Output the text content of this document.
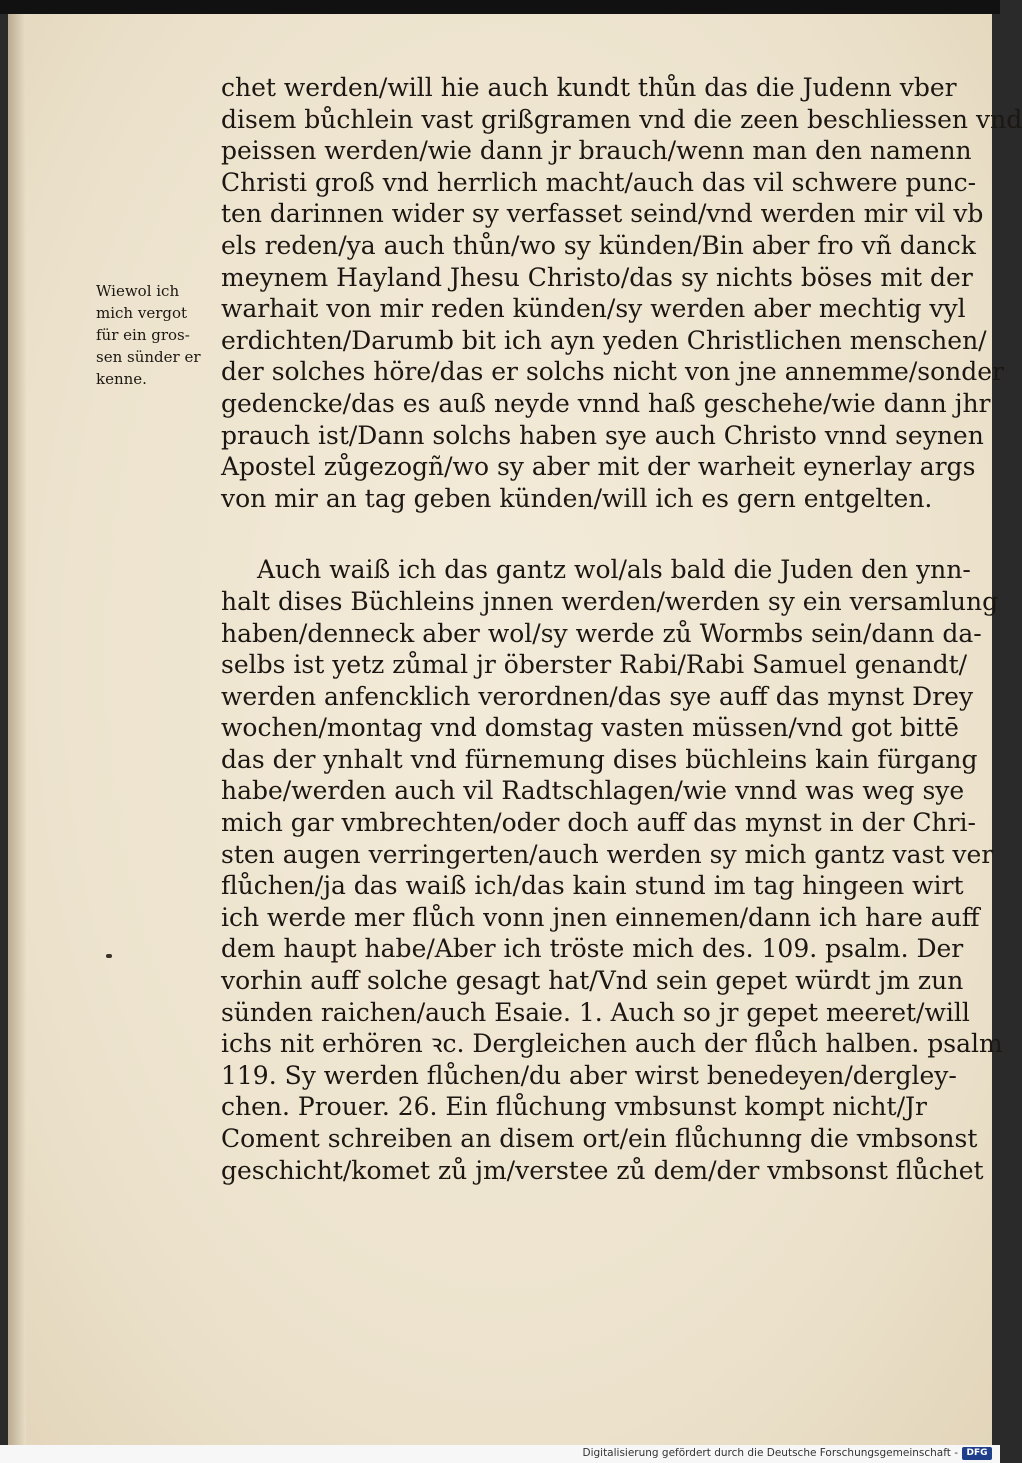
Wiewol ich
mich vergot
für ein gros-
sen sünder er
kenne.
chet werden/will hie auch kundt thůn das die Judenn vber
disem bůchlein vast grißgramen vnd die zeen beschliessen vnd
peissen werden/wie dann jr brauch/wenn man den namenn
Christi groß vnd herrlich macht/auch das vil schwere punc-
ten darinnen wider sy verfasset seind/vnd werden mir vil vb
els reden/ya auch thůn/wo sy künden/Bin aber fro vñ danck
meynem Hayland Jhesu Christo/das sy nichts böses mit der
warhait von mir reden künden/sy werden aber mechtig vyl
erdichten/Darumb bit ich ayn yeden Christlichen menschen/
der solches höre/das er solchs nicht von jne annemme/sonder
gedencke/das es auß neyde vnnd haß geschehe/wie dann jhr
prauch ist/Dann solchs haben sye auch Christo vnnd seynen
Apostel zůgezogñ/wo sy aber mit der warheit eynerlay args
von mir an tag geben künden/will ich es gern entgelten.
Auch waiß ich das gantz wol/als bald die Juden den ynn-
halt dises Büchleins jnnen werden/werden sy ein versamlung
haben/denneck aber wol/sy werde zů Wormbs sein/dann da-
selbs ist yetz zůmal jr öberster Rabi/Rabi Samuel genandt/
werden anfencklich verordnen/das sye auff das mynst Drey
wochen/montag vnd domstag vasten müssen/vnd got bittē
das der ynhalt vnd fürnemung dises büchleins kain fürgang
habe/werden auch vil Radtschlagen/wie vnnd was weg sye
mich gar vmbrechten/oder doch auff das mynst in der Chri-
sten augen verringerten/auch werden sy mich gantz vast ver
flůchen/ja das waiß ich/das kain stund im tag hingeen wirt
ich werde mer flůch vonn jnen einnemen/dann ich hare auff
dem haupt habe/Aber ich tröste mich des. 109. psalm. Der
vorhin auff solche gesagt hat/Vnd sein gepet würdt jm zun
sünden raichen/auch Esaie. 1. Auch so jr gepet meeret/will
ichs nit erhören ꝛc. Dergleichen auch der flůch halben. psalm
119. Sy werden flůchen/du aber wirst benedeyen/dergley-
chen. Prouer. 26. Ein flůchung vmbsunst kompt nicht/Jr
Coment schreiben an disem ort/ein flůchunng die vmbsonst
geschicht/komet zů jm/verstee zů dem/der vmbsonst flůchet
Digitalisierung gefördert durch die Deutsche Forschungsgemeinschaft - DFG
